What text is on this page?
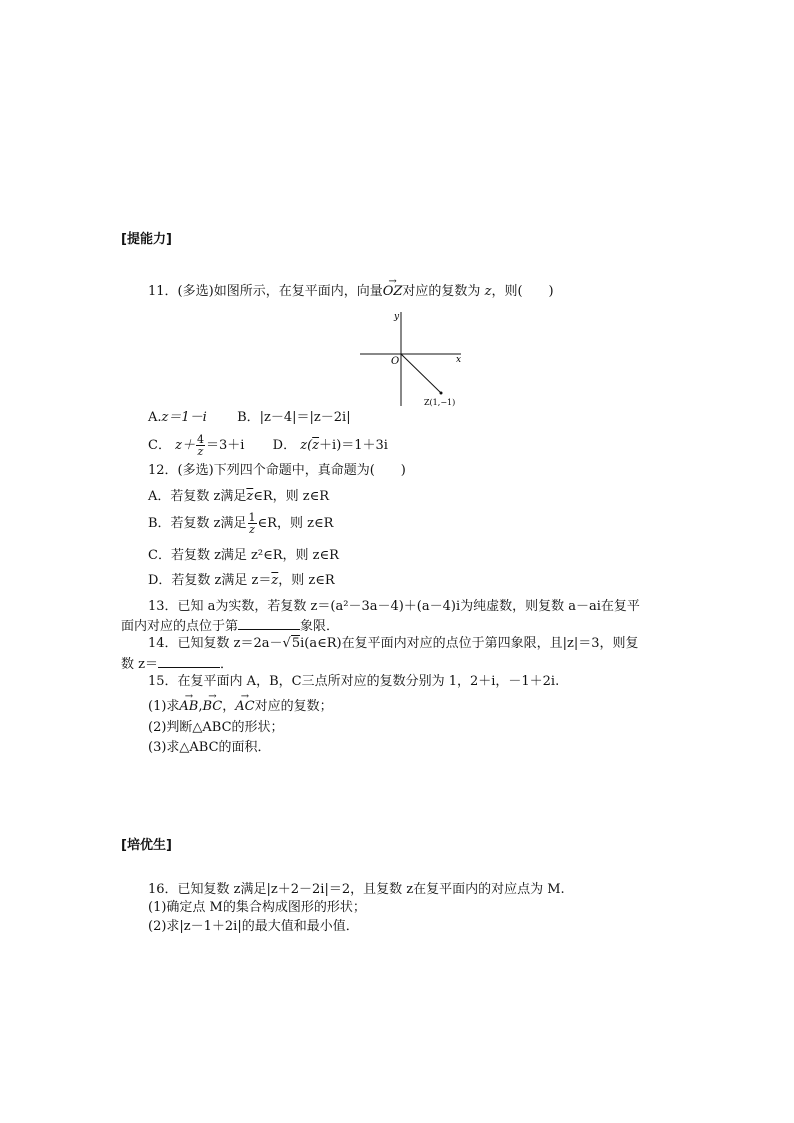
[提能力]
11．(多选)如图所示，在复平面内，向量→ OZ对应的复数为 z，则(　　)
y
x
O
Z(1,−1)
A.z＝1－i B．|z－4|＝|z－2i|
C． $z+ \frac{4}{z} =3+i$ D． $z(\overline{z}+i)=1+3i$
12．(多选)下列四个命题中，真命题为(　　)
A．若复数 z满足$\overline{z}\in R$，则 z∈R
B．若复数 z满足 $\frac{1}{z}$ ∈R，则 z∈R
C．若复数 z满足 z²∈R，则 z∈R
D．若复数 z满足 $z=\overline{z}$，则 z∈R
13．已知 a为实数，若复数 z＝(a²－3a－4)＋(a－4)i为纯虚数，则复数 a－ai在复平
面内对应的点位于第	象限．
14．已知复数 z＝2a－√5i(a∈R)在复平面内对应的点位于第四象限，且|z|＝3，则复
数 z＝	．
15．在复平面内 A，B，C三点所对应的复数分别为 1，2＋i，－1＋2i.
(1)求→ AB,→ BC，→ AC对应的复数；
(2)判断△ABC的形状；
(3)求△ABC的面积．
[培优生]
16．已知复数 z满足|z＋2－2i|＝2，且复数 z在复平面内的对应点为 M.
(1)确定点 M的集合构成图形的形状；
(2)求|z－1＋2i|的最大值和最小值．
